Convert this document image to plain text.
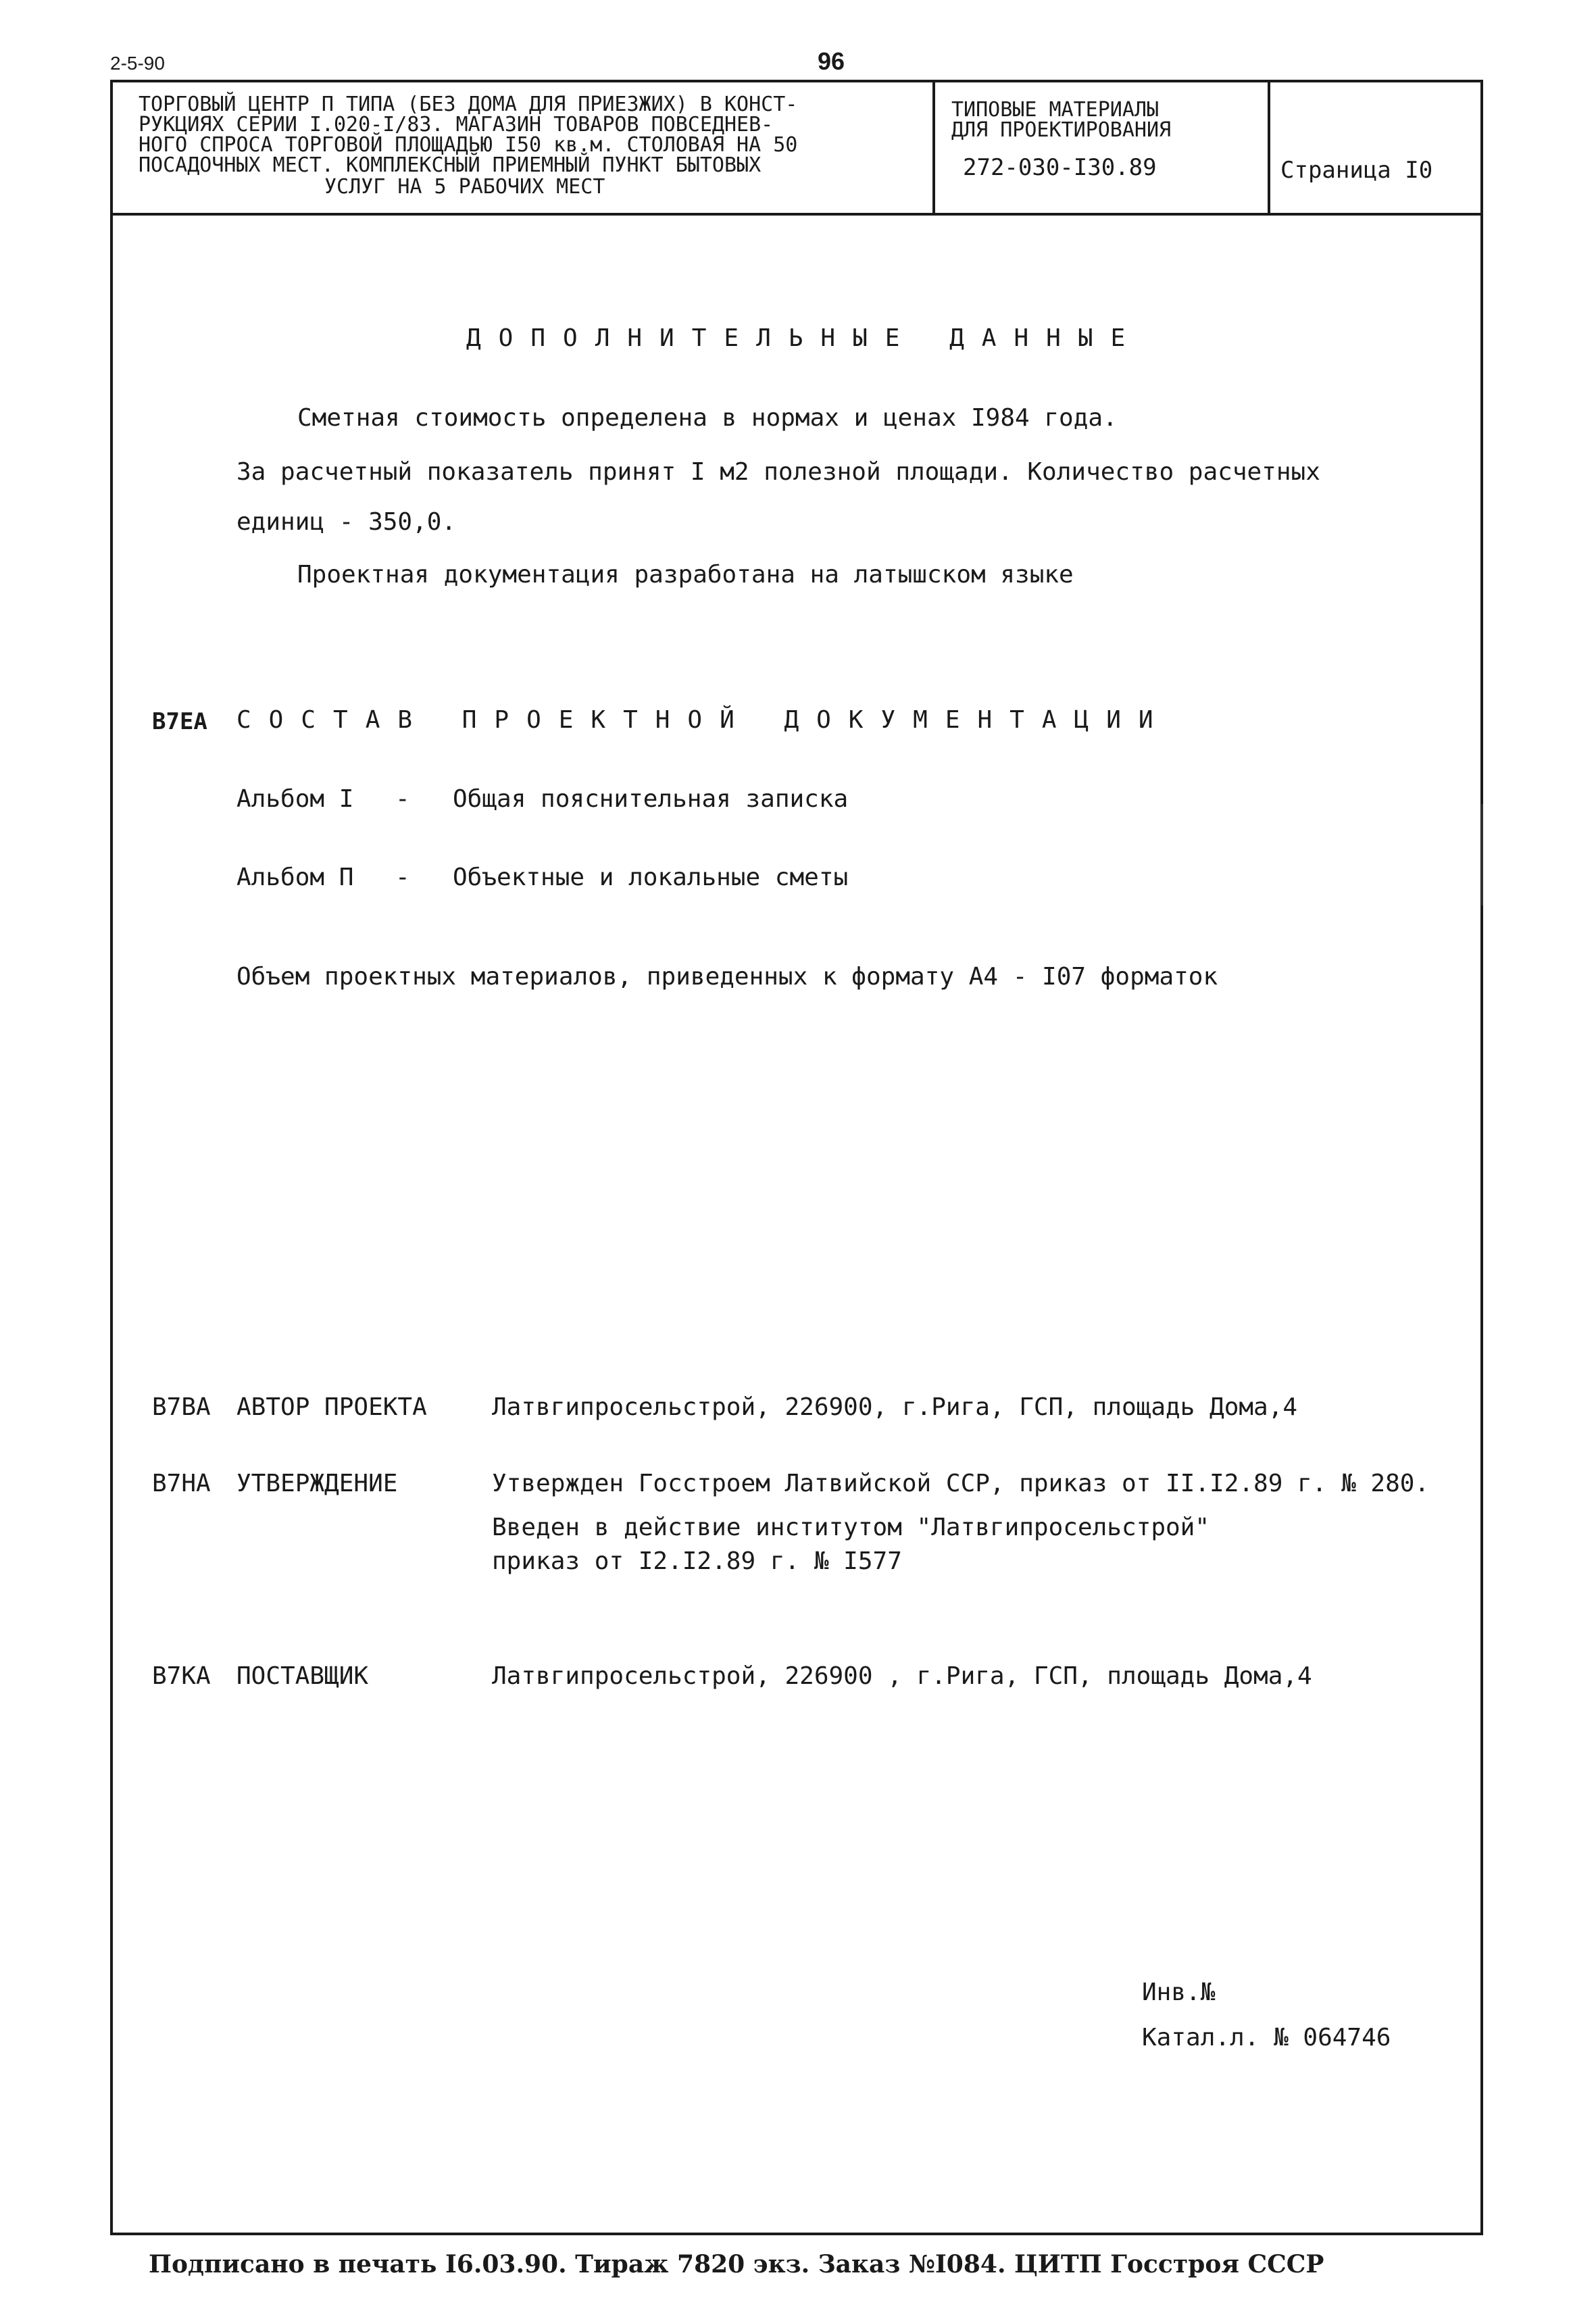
2-5-90	96
ТОРГОВЫЙ ЦЕНТР П ТИПА (БЕЗ ДОМА ДЛЯ ПРИЕЗЖИХ) В КОНСТ-
РУКЦИЯХ СЕРИИ I.020-I/83. МАГАЗИН ТОВАРОВ ПОВСЕДНЕВ-
НОГО СПРОСА ТОРГОВОЙ ПЛОЩАДЬЮ I50 кв.м. СТОЛОВАЯ НА 50
ПОСАДОЧНЫХ МЕСТ. КОМПЛЕКСНЫЙ ПРИЕМНЫЙ ПУНКТ БЫТОВЫХ
УСЛУГ НА 5 РАБОЧИХ МЕСТ
ТИПОВЫЕ МАТЕРИАЛЫ
ДЛЯ ПРОЕКТИРОВАНИЯ
272-030-I30.89	Страница I0
ДОПОЛНИТЕЛЬНЫЕ ДАННЫЕ
Сметная стоимость определена в нормах и ценах I984 года.
За расчетный показатель принят I м2 полезной площади. Количество расчетных
единиц - 350,0.
Проектная документация разработана на латышском языке
В7ЕА СОСТАВ ПРОЕКТНОЙ ДОКУМЕНТАЦИИ
Альбом I - Общая пояснительная записка
Альбом П - Объектные и локальные сметы
Объем проектных материалов, приведенных к формату А4 - I07 форматок
В7ВА АВТОР ПРОЕКТА	Латвгипросельстрой, 226900, г.Рига, ГСП, площадь Дома,4
В7НА УТВЕРЖДЕНИЕ	Утвержден Госстроем Латвийской ССР, приказ от II.I2.89 г. № 280.
Введен в действие институтом "Латвгипросельстрой"
приказ от I2.I2.89 г. № I577
В7КА ПОСТАВЩИК	Латвгипросельстрой, 226900 , г.Рига, ГСП, площадь Дома,4
Инв.№
Катал.л. № 064746
Подписано в печать I6.03.90. Тираж 7820 экз. Заказ №I084. ЦИТП Госстроя СССР
